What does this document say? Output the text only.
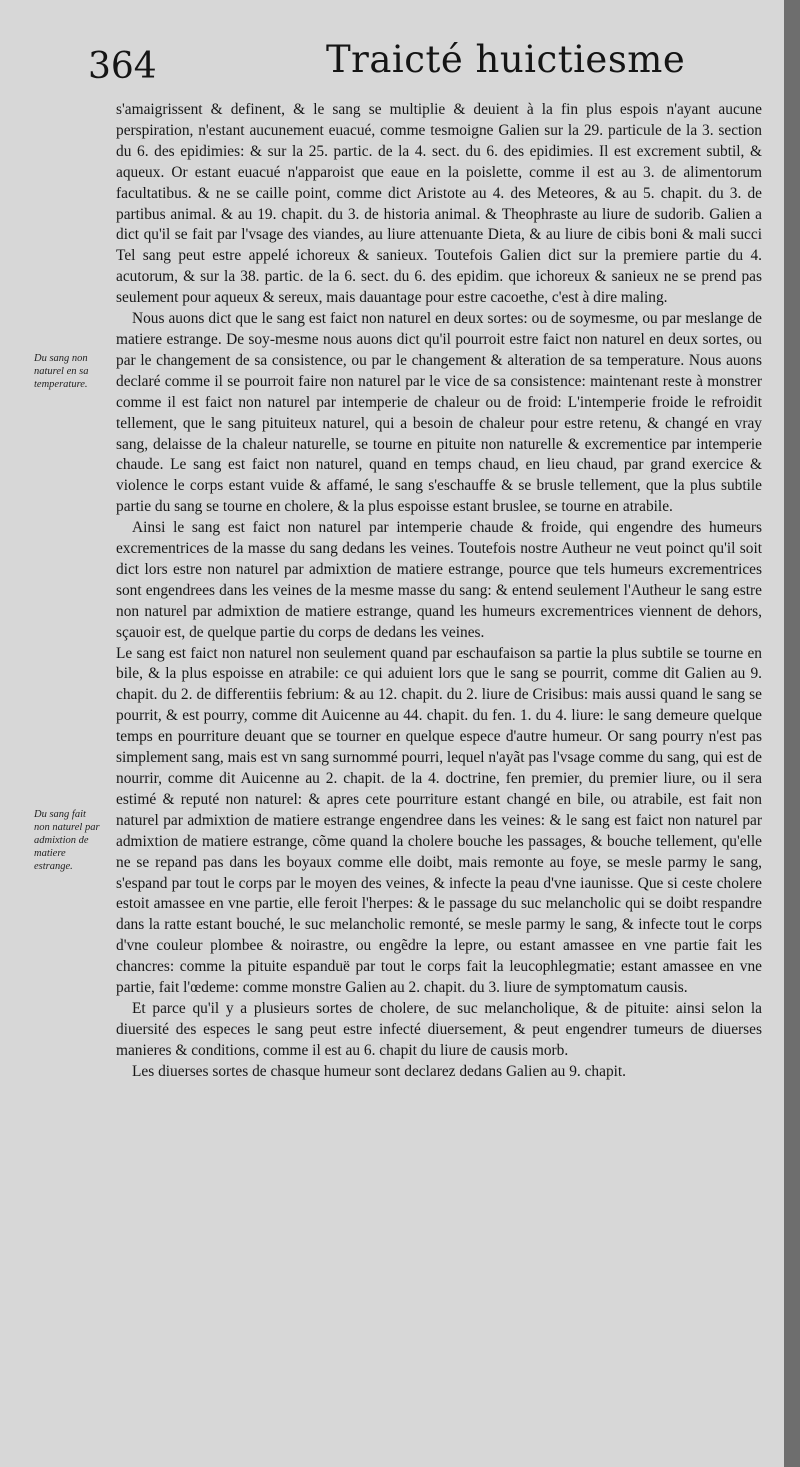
364	Traicté huictiesme
Du sang non naturel en sa temperature.
Du sang fait non naturel par admixtion de matiere estrange.

s'amaigrissent & definent, & le sang se multiplie & deuient à la fin plus espois n'ayant aucune perspiration, n'estant aucunement euacué, comme tesmoigne Galien sur la 29. particule de la 3. section du 6. des epidimies: & sur la 25. partic. de la 4. sect. du 6. des epidimies. Il est excrement subtil, & aqueux. Or estant euacué n'apparoist que eaue en la poislette, comme il est au 3. de alimentorum facultatibus. & ne se caille point, comme dict Aristote au 4. des Meteores, & au 5. chapit. du 3. de partibus animal. & au 19. chapit. du 3. de historia animal. & Theophraste au liure de sudorib. Galien a dict qu'il se fait par l'vsage des viandes, au liure attenuante Dieta, & au liure de cibis boni & mali succi Tel sang peut estre appelé ichoreux & sanieux. Toutefois Galien dict sur la premiere partie du 4. acutorum, & sur la 38. partic. de la 6. sect. du 6. des epidim. que ichoreux & sanieux ne se prend pas seulement pour aqueux & sereux, mais dauantage pour estre cacoethe, c'est à dire maling.

Nous auons dict que le sang est faict non naturel en deux sortes: ou de soymesme, ou par meslange de matiere estrange. De soy-mesme nous auons dict qu'il pourroit estre faict non naturel en deux sortes, ou par le changement de sa consistence, ou par le changement & alteration de sa temperature. Nous auons declaré comme il se pourroit faire non naturel par le vice de sa consistence: maintenant reste à monstrer comme il est faict non naturel par intemperie de chaleur ou de froid: L'intemperie froide le refroidit tellement, que le sang pituiteux naturel, qui a besoin de chaleur pour estre retenu, & changé en vray sang, delaisse de la chaleur naturelle, se tourne en pituite non naturelle & excrementice par intemperie chaude. Le sang est faict non naturel, quand en temps chaud, en lieu chaud, par grand exercice & violence le corps estant vuide & affamé, le sang s'eschauffe & se brusle tellement, que la plus subtile partie du sang se tourne en cholere, & la plus espoisse estant bruslee, se tourne en atrabile.

Ainsi le sang est faict non naturel par intemperie chaude & froide, qui engendre des humeurs excrementrices de la masse du sang dedans les veines. Toutefois nostre Autheur ne veut poinct qu'il soit dict lors estre non naturel par admixtion de matiere estrange, pource que tels humeurs excrementrices sont engendrees dans les veines de la mesme masse du sang: & entend seulement l'Autheur le sang estre non naturel par admixtion de matiere estrange, quand les humeurs excrementrices viennent de dehors, sçauoir est, de quelque partie du corps de dedans les veines.

Le sang est faict non naturel non seulement quand par eschaufaison sa partie la plus subtile se tourne en bile, & la plus espoisse en atrabile: ce qui aduient lors que le sang se pourrit, comme dit Galien au 9. chapit. du 2. de differentiis febrium: & au 12. chapit. du 2. liure de Crisibus: mais aussi quand le sang se pourrit, & est pourry, comme dit Auicenne au 44. chapit. du fen. 1. du 4. liure: le sang demeure quelque temps en pourriture deuant que se tourner en quelque espece d'autre humeur. Or sang pourry n'est pas simplement sang, mais est vn sang surnommé pourri, lequel n'ayãt pas l'vsage comme du sang, qui est de nourrir, comme dit Auicenne au 2. chapit. de la 4. doctrine, fen premier, du premier liure, ou il sera estimé & reputé non naturel: & apres cete pourriture estant changé en bile, ou atrabile, est fait non naturel par admixtion de matiere estrange engendree dans les veines: & le sang est faict non naturel par admixtion de matiere estrange, cõme quand la cholere bouche les passages, & bouche tellement, qu'elle ne se repand pas dans les boyaux comme elle doibt, mais remonte au foye, se mesle parmy le sang, s'espand par tout le corps par le moyen des veines, & infecte la peau d'vne iaunisse. Que si ceste cholere estoit amassee en vne partie, elle feroit l'herpes: & le passage du suc melancholic qui se doibt respandre dans la ratte estant bouché, le suc melancholic remonté, se mesle parmy le sang, & infecte tout le corps d'vne couleur plombee & noirastre, ou engẽdre la lepre, ou estant amassee en vne partie fait les chancres: comme la pituite espanduë par tout le corps fait la leucophlegmatie; estant amassee en vne partie, fait l'œdeme: comme monstre Galien au 2. chapit. du 3. liure de symptomatum causis.

Et parce qu'il y a plusieurs sortes de cholere, de suc melancholique, & de pituite: ainsi selon la diuersité des especes le sang peut estre infecté diuersement, & peut engendrer tumeurs de diuerses manieres & conditions, comme il est au 6. chapit du liure de causis morb.

Les diuerses sortes de chasque humeur sont declarez dedans Galien au 9. chapit.
